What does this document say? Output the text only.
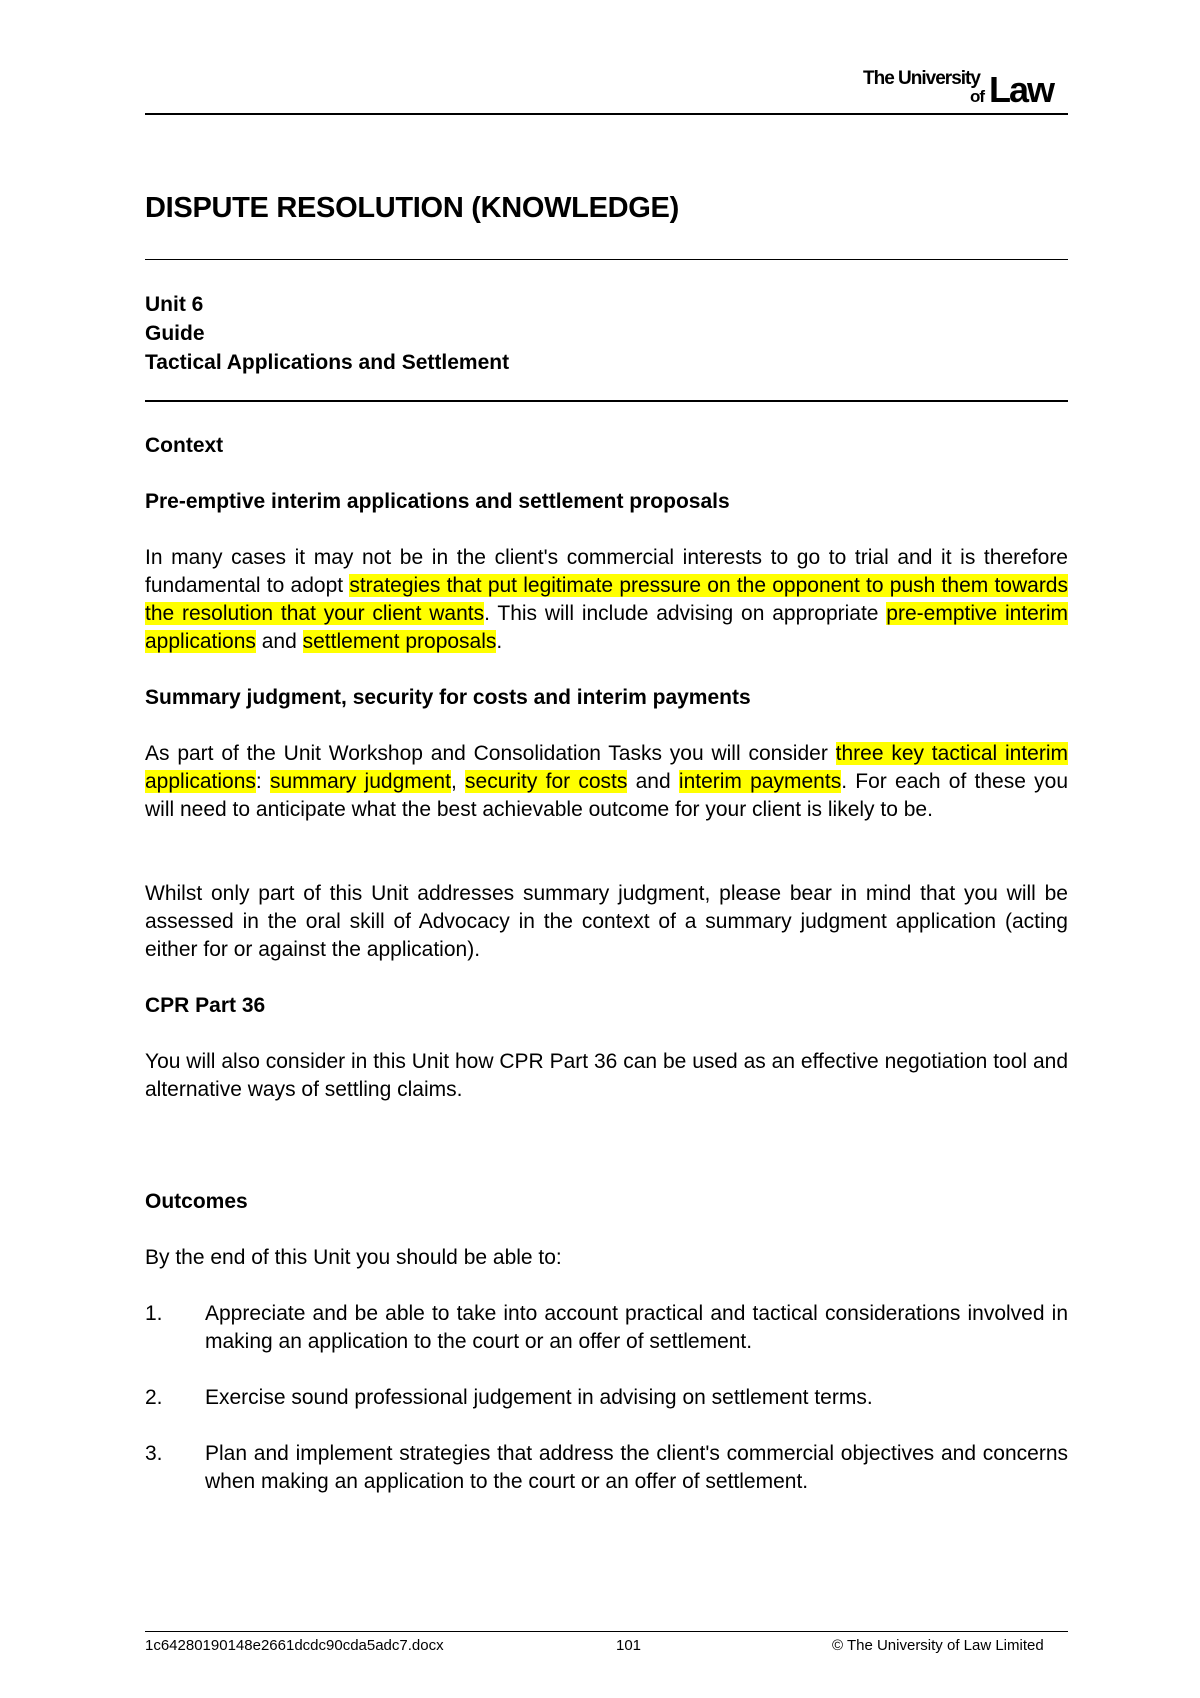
The University
of Law
DISPUTE RESOLUTION (KNOWLEDGE)
Unit 6
Guide
Tactical Applications and Settlement
Context
Pre-emptive interim applications and settlement proposals
In many cases it may not be in the client's commercial interests to go to trial and it is therefore fundamental to adopt strategies that put legitimate pressure on the opponent to push them towards the resolution that your client wants. This will include advising on appropriate pre-emptive interim applications and settlement proposals.
Summary judgment, security for costs and interim payments
As part of the Unit Workshop and Consolidation Tasks you will consider three key tactical interim applications: summary judgment, security for costs and interim payments. For each of these you will need to anticipate what the best achievable outcome for your client is likely to be.
Whilst only part of this Unit addresses summary judgment, please bear in mind that you will be assessed in the oral skill of Advocacy in the context of a summary judgment application (acting either for or against the application).
CPR Part 36
You will also consider in this Unit how CPR Part 36 can be used as an effective negotiation tool and alternative ways of settling claims.
Outcomes
By the end of this Unit you should be able to:
1. Appreciate and be able to take into account practical and tactical considerations involved in making an application to the court or an offer of settlement.
2. Exercise sound professional judgement in advising on settlement terms.
3. Plan and implement strategies that address the client's commercial objectives and concerns when making an application to the court or an offer of settlement.
1c64280190148e2661dcdc90cda5adc7.docx	101	© The University of Law Limited
